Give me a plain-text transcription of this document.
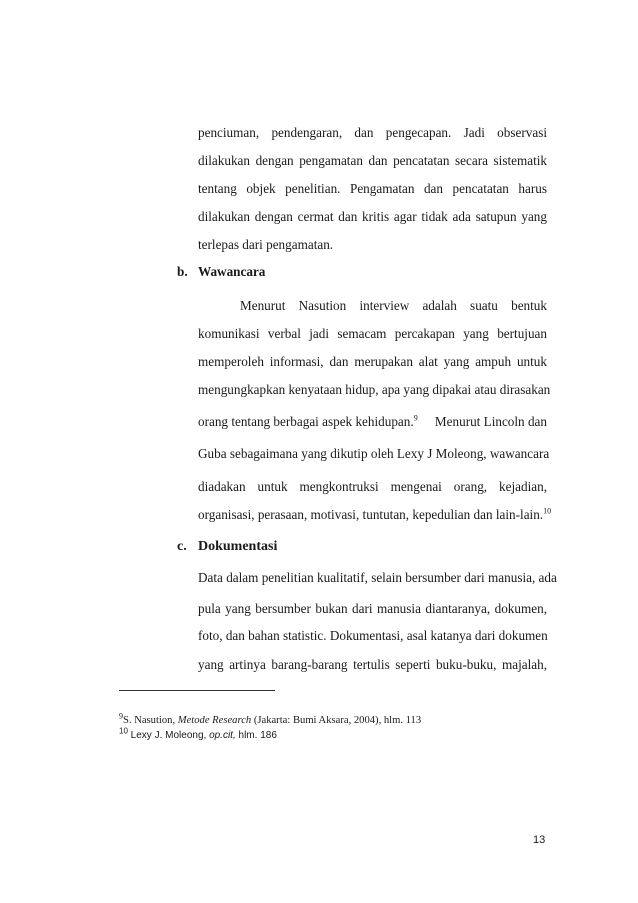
penciuman, pendengaran, dan pengecapan. Jadi observasi
dilakukan dengan pengamatan dan pencatatan secara sistematik
tentang objek penelitian. Pengamatan dan pencatatan harus
dilakukan dengan cermat dan kritis agar tidak ada satupun yang
terlepas dari pengamatan.
b. Wawancara
Menurut Nasution interview adalah suatu bentuk
komunikasi verbal jadi semacam percakapan yang bertujuan
memperoleh informasi, dan merupakan alat yang ampuh untuk
mengungkapkan kenyataan hidup, apa yang dipakai atau dirasakan
orang tentang berbagai aspek kehidupan.$^9$ Menurut Lincoln dan
Guba sebagaimana yang dikutip oleh Lexy J Moleong, wawancara
diadakan untuk mengkontruksi mengenai orang, kejadian,
organisasi, perasaan, motivasi, tuntutan, kepedulian dan lain-lain.$^{10}$
c. Dokumentasi
Data dalam penelitian kualitatif, selain bersumber dari manusia, ada
pula yang bersumber bukan dari manusia diantaranya, dokumen,
foto, dan bahan statistic. Dokumentasi, asal katanya dari dokumen
yang artinya barang-barang tertulis seperti buku-buku, majalah,
$^9$S. Nasution, Metode Research (Jakarta: Bumi Aksara, 2004), hlm. 113
$^{10}$ Lexy J. Moleong, op.cit, hlm. 186
13
